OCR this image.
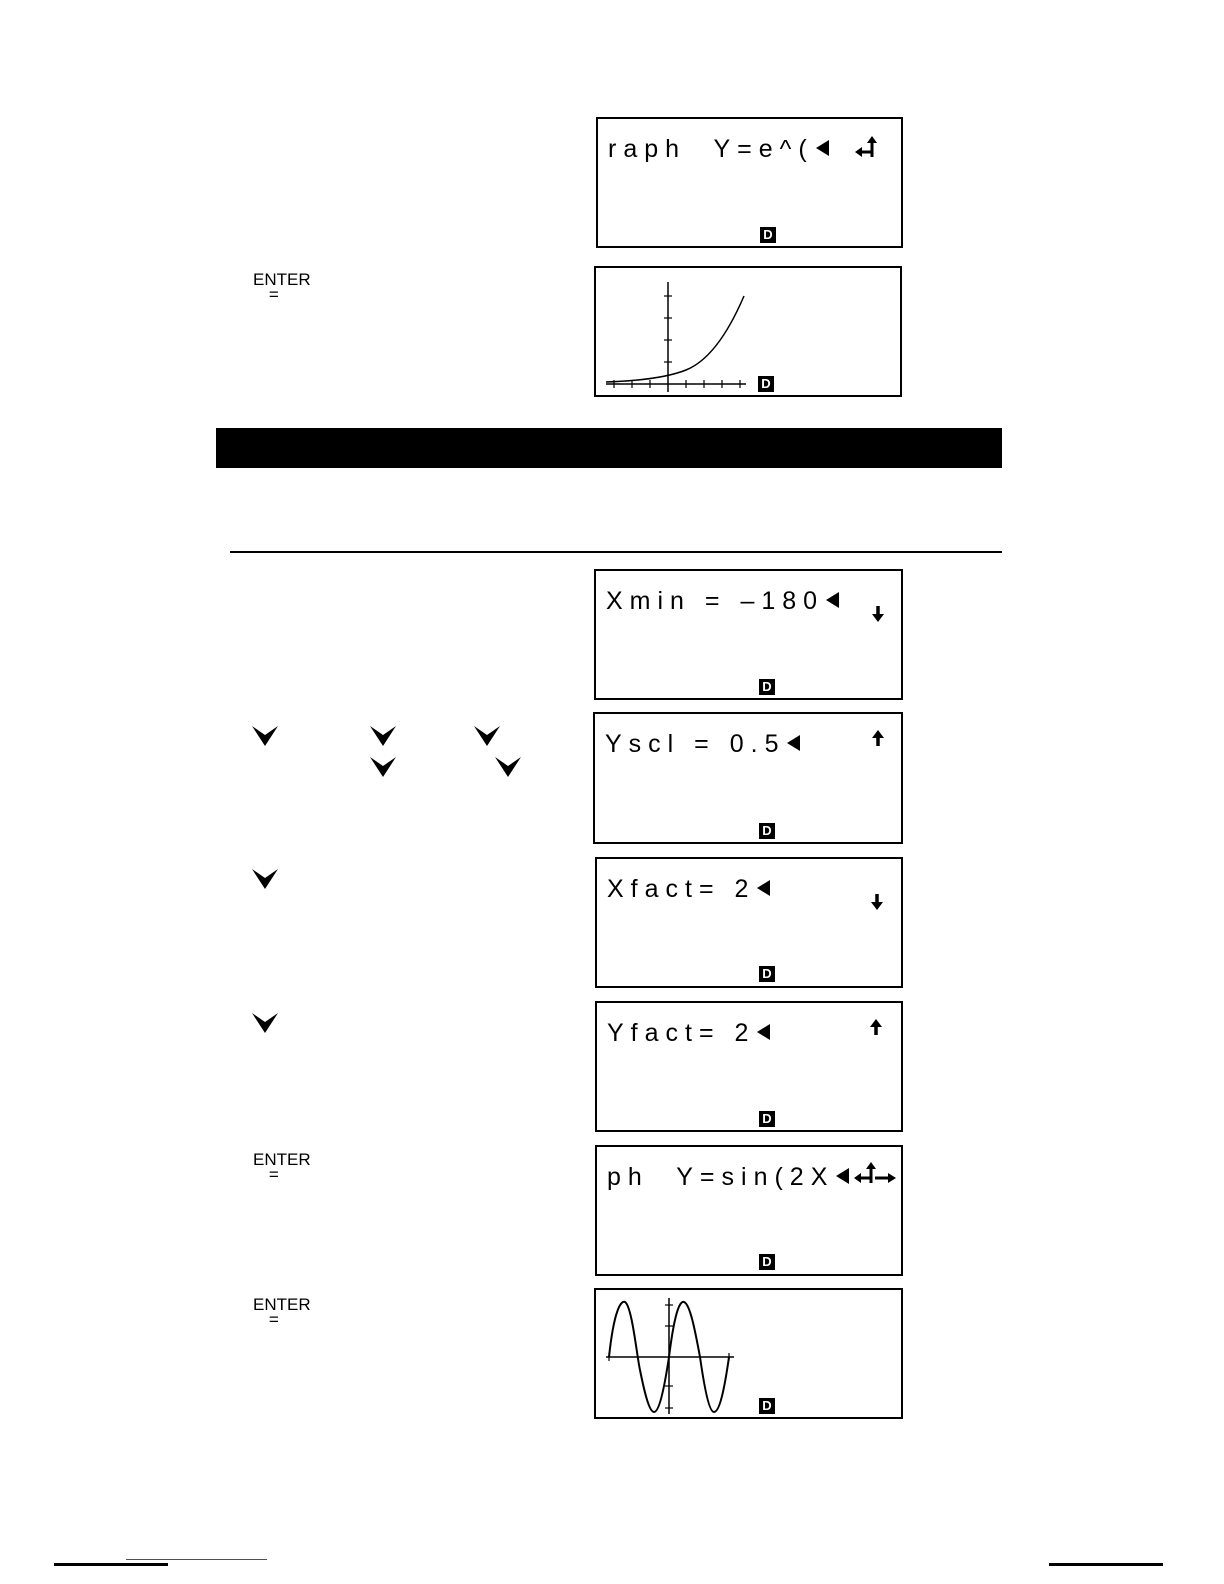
raph  Y=e^(
D
ENTER
=
D
Xmin = –180
D
Yscl = 0.5
D
Xfact= 2
D
Yfact= 2
D
ENTER
=	ph  Y=sin(2X
D
ENTER
=
D
